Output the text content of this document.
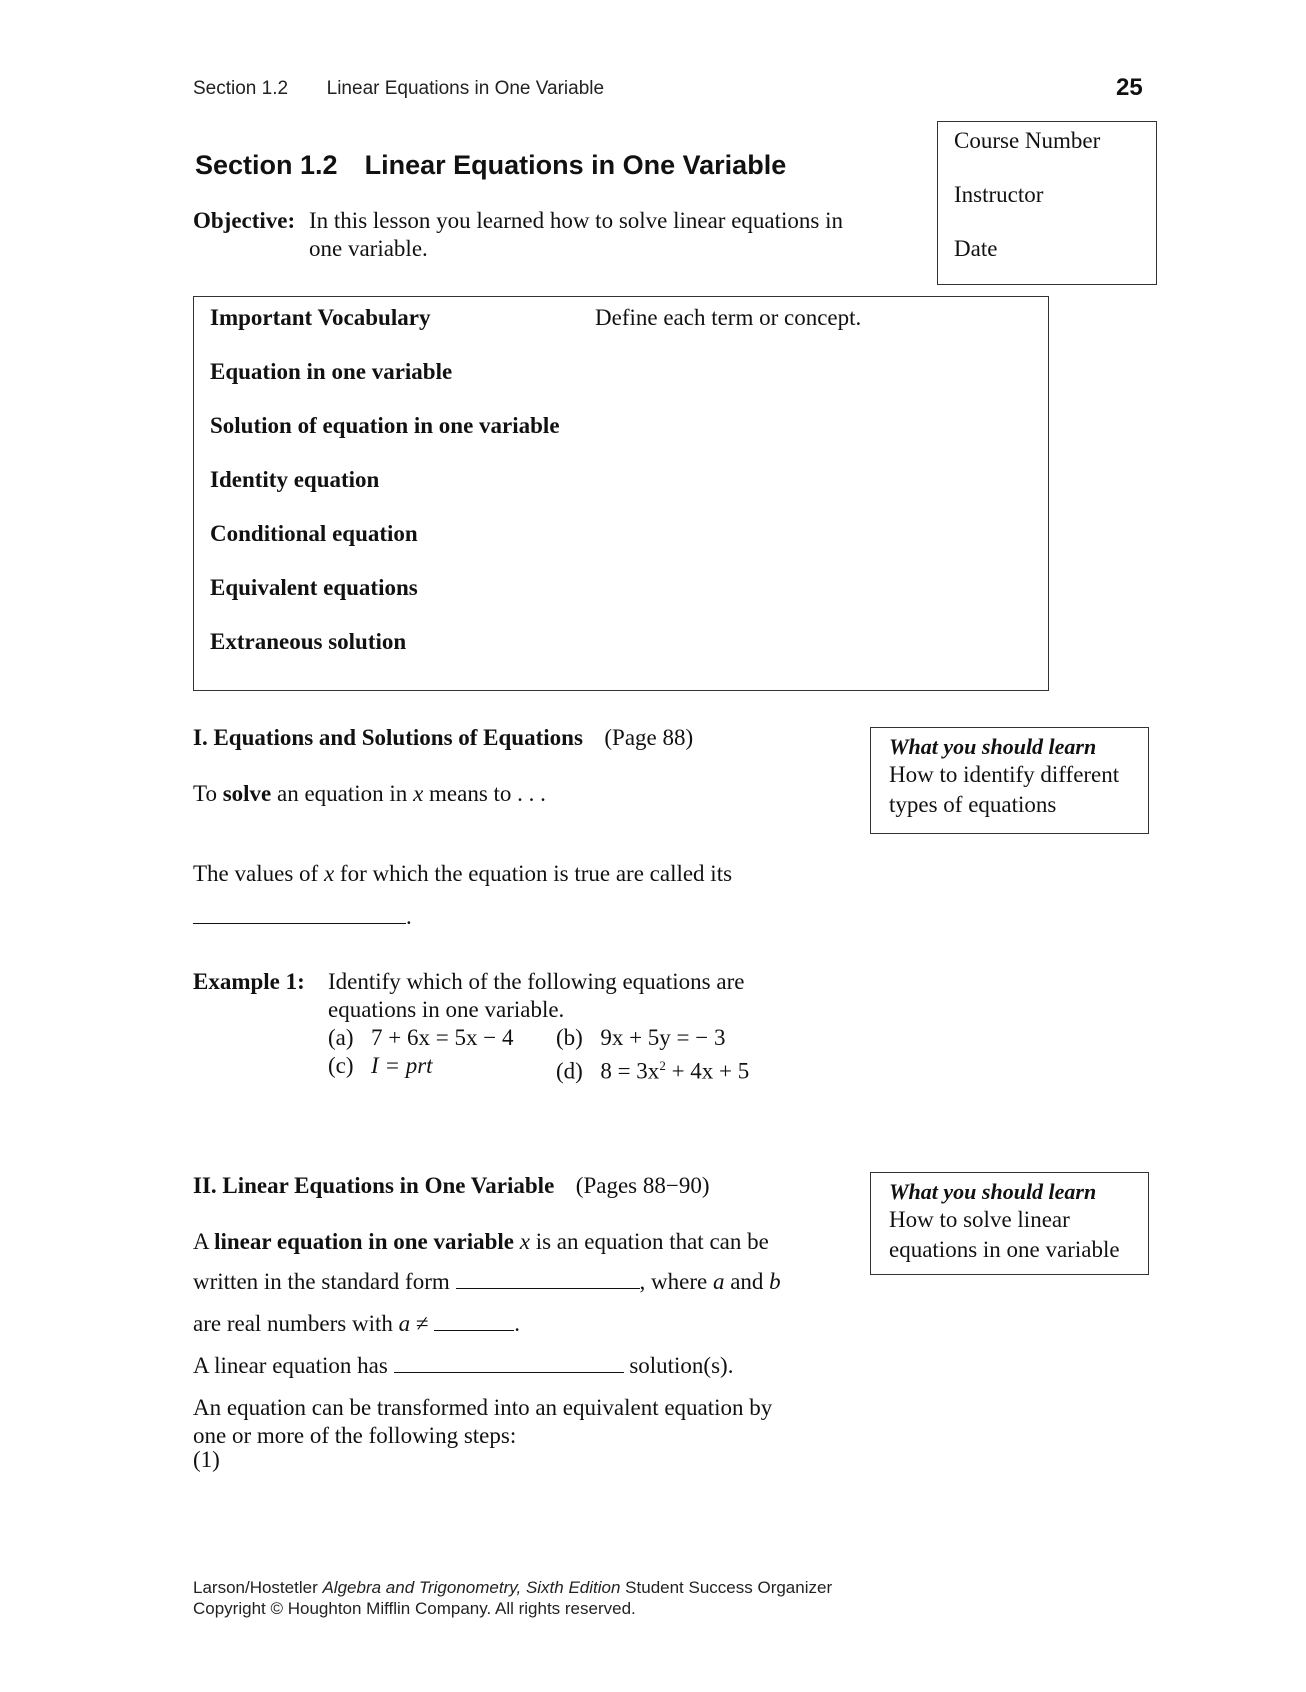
Section 1.2 Linear Equations in One Variable	25
Course Number
Instructor
Date
Section 1.2 Linear Equations in One Variable
Objective: In this lesson you learned how to solve linear equations in
one variable.
Important Vocabulary	Define each term or concept.
Equation in one variable
Solution of equation in one variable
Identity equation
Conditional equation
Equivalent equations
Extraneous solution
I. Equations and Solutions of Equations (Page 88)	What you should learn
How to identify different
types of equations
To solve an equation in x means to . . .
The values of x for which the equation is true are called its
.
Example 1: Identify which of the following equations are
equations in one variable.
(a) 7 + 6x = 5x − 4 (b) 9x + 5y = − 3
(c) I = prt	(d) $8 = 3x^2 + 4x + 5$
II. Linear Equations in One Variable (Pages 88−90)	What you should learn
How to solve linear
equations in one variable
A linear equation in one variable x is an equation that can be
written in the standard form	, where a and b
are real numbers with a ≠	.
A linear equation has	solution(s).
An equation can be transformed into an equivalent equation by
one or more of the following steps:
(1)
Larson/Hostetler Algebra and Trigonometry, Sixth Edition Student Success Organizer
Copyright © Houghton Mifflin Company. All rights reserved.
